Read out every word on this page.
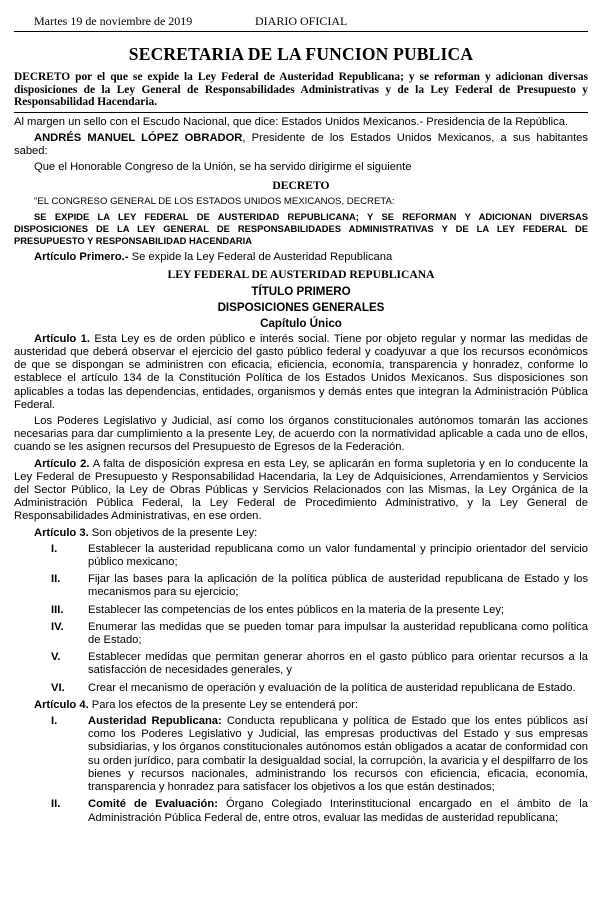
Martes 19 de noviembre de 2019	DIARIO OFICIAL
SECRETARIA DE LA FUNCION PUBLICA
DECRETO por el que se expide la Ley Federal de Austeridad Republicana; y se reforman y adicionan diversas disposiciones de la Ley General de Responsabilidades Administrativas y de la Ley Federal de Presupuesto y Responsabilidad Hacendaria.
Al margen un sello con el Escudo Nacional, que dice: Estados Unidos Mexicanos.- Presidencia de la República.
ANDRÉS MANUEL LÓPEZ OBRADOR, Presidente de los Estados Unidos Mexicanos, a sus habitantes sabed:
Que el Honorable Congreso de la Unión, se ha servido dirigirme el siguiente
DECRETO
"EL CONGRESO GENERAL DE LOS ESTADOS UNIDOS MEXICANOS, DECRETA:
SE EXPIDE LA LEY FEDERAL DE AUSTERIDAD REPUBLICANA; Y SE REFORMAN Y ADICIONAN DIVERSAS DISPOSICIONES DE LA LEY GENERAL DE RESPONSABILIDADES ADMINISTRATIVAS Y DE LA LEY FEDERAL DE PRESUPUESTO Y RESPONSABILIDAD HACENDARIA
Artículo Primero.- Se expide la Ley Federal de Austeridad Republicana
LEY FEDERAL DE AUSTERIDAD REPUBLICANA
TÍTULO PRIMERO
DISPOSICIONES GENERALES
Capítulo Único
Artículo 1. Esta Ley es de orden público e interés social. Tiene por objeto regular y normar las medidas de austeridad que deberá observar el ejercicio del gasto público federal y coadyuvar a que los recursos económicos de que se dispongan se administren con eficacia, eficiencia, economía, transparencia y honradez, conforme lo establece el artículo 134 de la Constitución Política de los Estados Unidos Mexicanos. Sus disposiciones son aplicables a todas las dependencias, entidades, organismos y demás entes que integran la Administración Pública Federal.
Los Poderes Legislativo y Judicial, así como los órganos constitucionales autónomos tomarán las acciones necesarias para dar cumplimiento a la presente Ley, de acuerdo con la normatividad aplicable a cada uno de ellos, cuando se les asignen recursos del Presupuesto de Egresos de la Federación.
Artículo 2. A falta de disposición expresa en esta Ley, se aplicarán en forma supletoria y en lo conducente la Ley Federal de Presupuesto y Responsabilidad Hacendaria, la Ley de Adquisiciones, Arrendamientos y Servicios del Sector Público, la Ley de Obras Públicas y Servicios Relacionados con las Mismas, la Ley Orgánica de la Administración Pública Federal, la Ley Federal de Procedimiento Administrativo, y la Ley General de Responsabilidades Administrativas, en ese orden.
Artículo 3. Son objetivos de la presente Ley:
I.	Establecer la austeridad republicana como un valor fundamental y principio orientador del servicio público mexicano;
II. Fijar las bases para la aplicación de la política pública de austeridad republicana de Estado y los mecanismos para su ejercicio;
III. Establecer las competencias de los entes públicos en la materia de la presente Ley;
IV. Enumerar las medidas que se pueden tomar para impulsar la austeridad republicana como política de Estado;
V. Establecer medidas que permitan generar ahorros en el gasto público para orientar recursos a la satisfacción de necesidades generales, y
VI. Crear el mecanismo de operación y evaluación de la política de austeridad republicana de Estado.
Artículo 4. Para los efectos de la presente Ley se entenderá por:
I.	Austeridad Republicana: Conducta republicana y política de Estado que los entes públicos así como los Poderes Legislativo y Judicial, las empresas productivas del Estado y sus empresas subsidiarias, y los órganos constitucionales autónomos están obligados a acatar de conformidad con su orden jurídico, para combatir la desigualdad social, la corrupción, la avaricia y el despilfarro de los bienes y recursos nacionales, administrando los recursos con eficiencia, eficacia, economía, transparencia y honradez para satisfacer los objetivos a los que están destinados;
II. Comité de Evaluación: Órgano Colegiado Interinstitucional encargado en el ámbito de la Administración Pública Federal de, entre otros, evaluar las medidas de austeridad republicana;
